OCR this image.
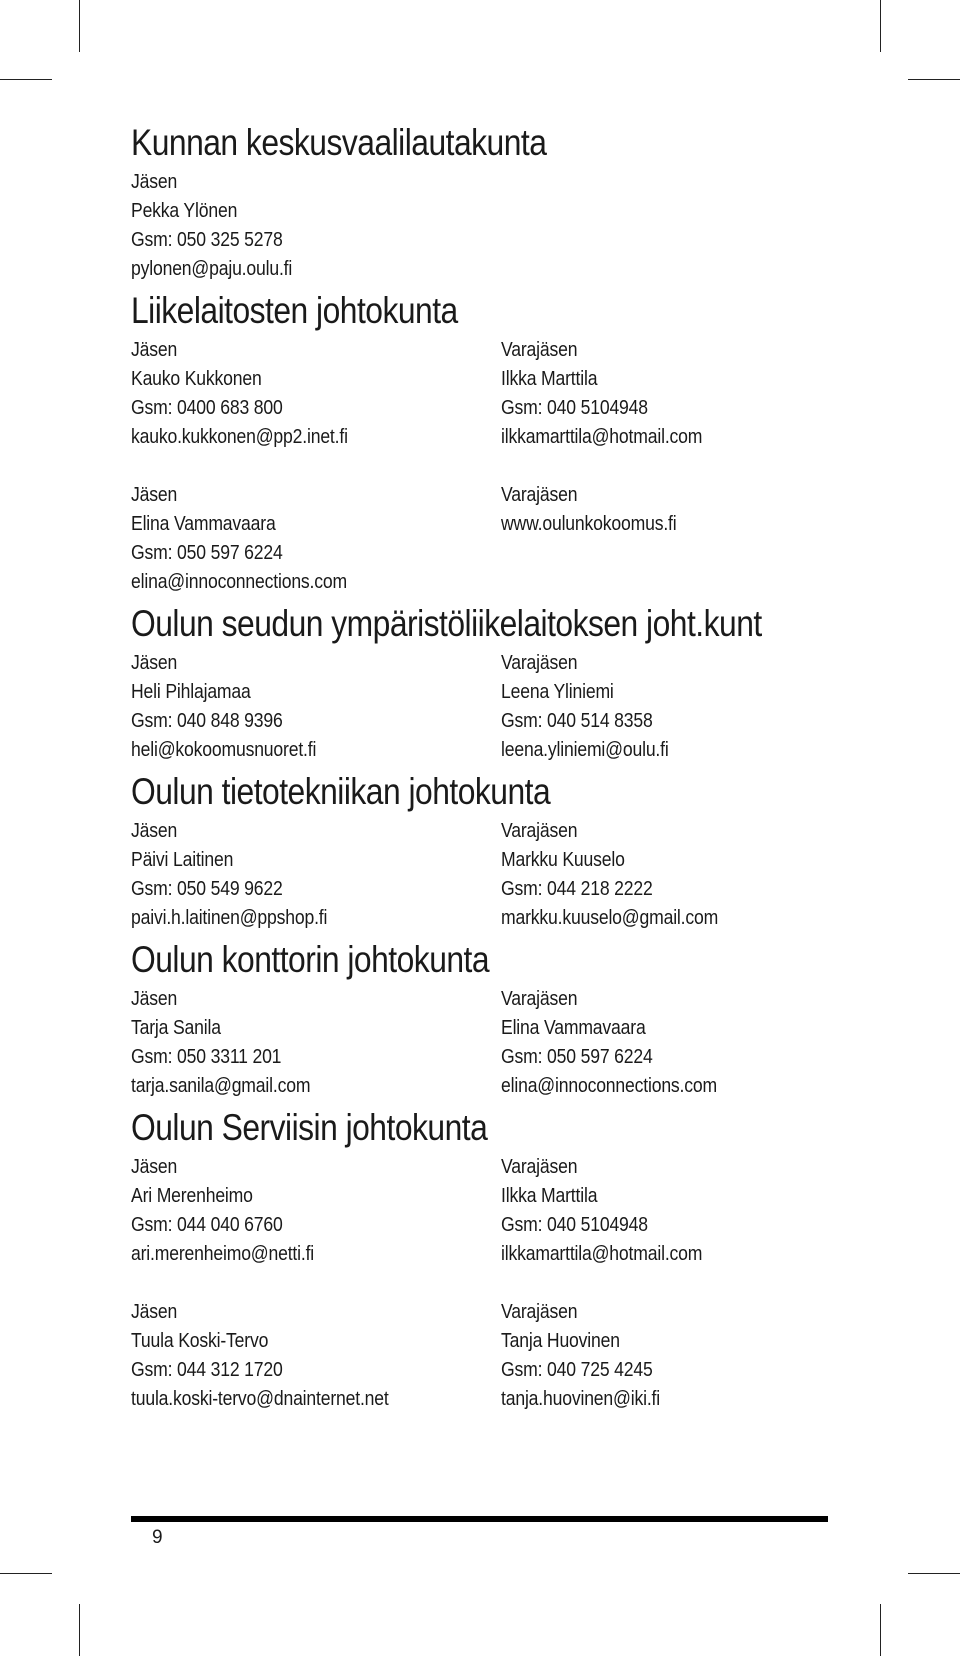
Kunnan keskusvaalilautakunta
Jäsen
Pekka Ylönen
Gsm: 050 325 5278
pylonen@paju.oulu.fi
Liikelaitosten johtokunta
Jäsen
Kauko Kukkonen
Gsm: 0400 683 800
kauko.kukkonen@pp2.inet.fi
Varajäsen
Ilkka Marttila
Gsm: 040 5104948
ilkkamarttila@hotmail.com
Jäsen
Elina Vammavaara
Gsm: 050 597 6224
elina@innoconnections.com
Varajäsen
www.oulunkokoomus.fi
Oulun seudun ympäristöliikelaitoksen joht.kunt
Jäsen
Heli Pihlajamaa
Gsm: 040 848 9396
heli@kokoomusnuoret.fi
Varajäsen
Leena Yliniemi
Gsm: 040 514 8358
leena.yliniemi@oulu.fi
Oulun tietotekniikan johtokunta
Jäsen
Päivi Laitinen
Gsm: 050 549 9622
paivi.h.laitinen@ppshop.fi
Varajäsen
Markku Kuuselo
Gsm: 044 218 2222
markku.kuuselo@gmail.com
Oulun konttorin johtokunta
Jäsen
Tarja Sanila
Gsm: 050 3311 201
tarja.sanila@gmail.com
Varajäsen
Elina Vammavaara
Gsm: 050 597 6224
elina@innoconnections.com
Oulun Serviisin johtokunta
Jäsen
Ari Merenheimo
Gsm: 044 040 6760
ari.merenheimo@netti.fi
Varajäsen
Ilkka Marttila
Gsm: 040 5104948
ilkkamarttila@hotmail.com
Jäsen
Tuula Koski-Tervo
Gsm: 044 312 1720
tuula.koski-tervo@dnainternet.net
Varajäsen
Tanja Huovinen
Gsm: 040 725 4245
tanja.huovinen@iki.fi
9
